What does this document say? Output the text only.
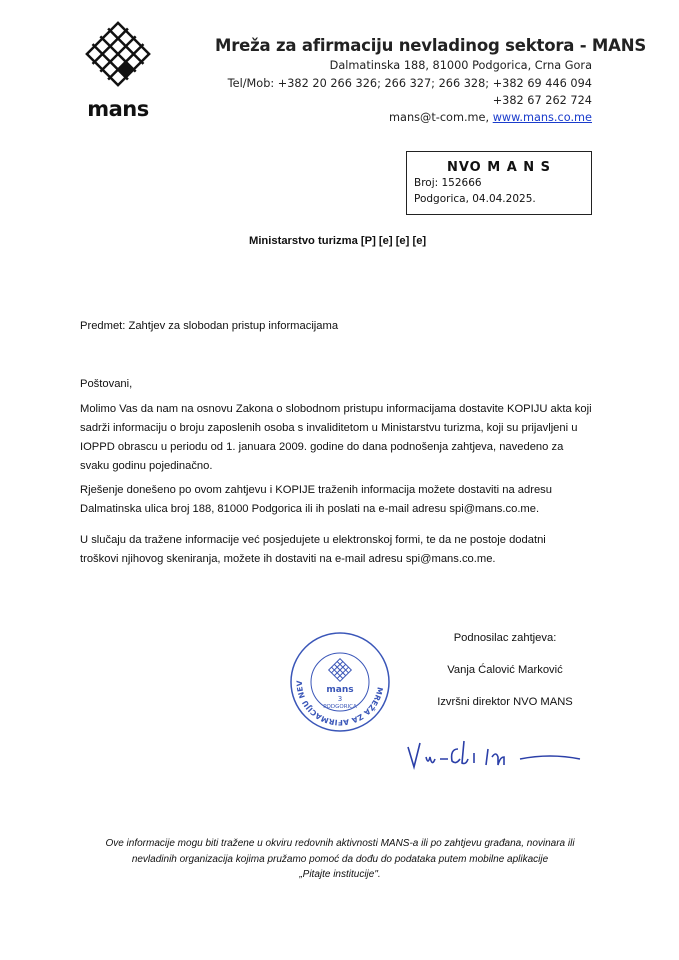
mans
Mreža za afirmaciju nevladinog sektora - MANS
Dalmatinska 188, 81000 Podgorica, Crna Gora
Tel/Mob: +382 20 266 326; 266 327; 266 328; +382 69 446 094
+382 67 262 724
mans@t-com.me, www.mans.co.me
NVO M A N S
Broj: 152666
Podgorica, 04.04.2025.
Ministarstvo turizma [P] [e] [e] [e]
Predmet: Zahtjev za slobodan pristup informacijama
Poštovani,
Molimo Vas da nam na osnovu Zakona o slobodnom pristupu informacijama dostavite KOPIJU akta koji sadrži informaciju o broju zaposlenih osoba s invaliditetom u Ministarstvu turizma, koji su prijavljeni u IOPPD obrascu u periodu od 1. januara 2009. godine do dana podnošenja zahtjeva, navedeno za svaku godinu pojedinačno.
Rješenje donešeno po ovom zahtjevu i KOPIJE traženih informacija možete dostaviti na adresu Dalmatinska ulica broj 188, 81000 Podgorica ili ih poslati na e-mail adresu spi@mans.co.me.
U slučaju da tražene informacije već posjedujete u elektronskoj formi, te da ne postoje dodatni troškovi njihovog skeniranja, možete ih dostaviti na e-mail adresu spi@mans.co.me.
MREŽA ZA AFIRMACIJU NEV
mans
3
PODGORICA
Podnosilac zahtjeva:
Vanja Ćalović Marković
Izvršni direktor NVO MANS
Ove informacije mogu biti tražene u okviru redovnih aktivnosti MANS-a ili po zahtjevu građana, novinara ili
nevladinih organizacija kojima pružamo pomoć da dođu do podataka putem mobilne aplikacije
„Pitajte institucije".
